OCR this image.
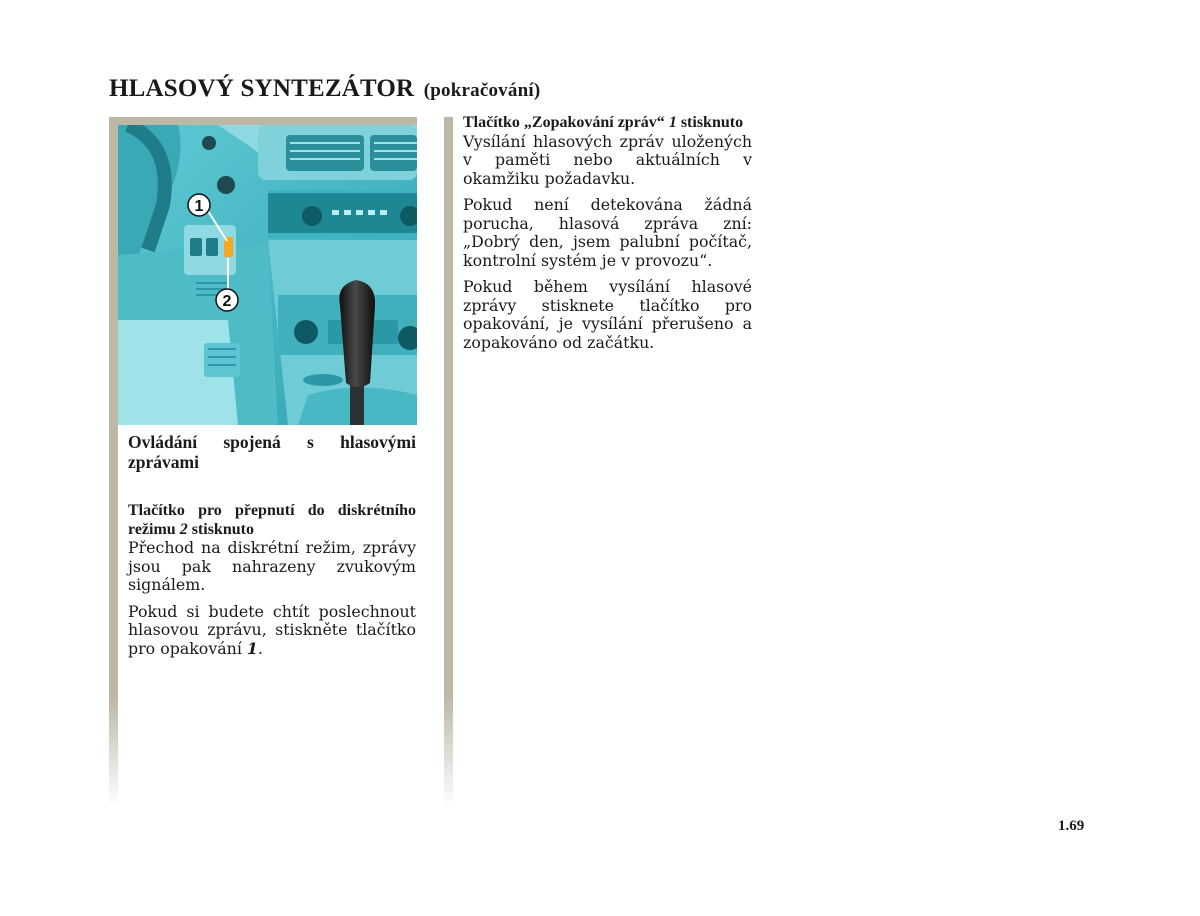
HLASOVÝ SYNTEZÁTOR (pokračování)
1
2
Ovládání spojená s hlasovými zprávami
Tlačítko pro přepnutí do diskrétního režimu 2 stisknuto

Přechod na diskrétní režim, zprávy jsou pak nahrazeny zvukovým signálem.

Pokud si budete chtít poslechnout hlasovou zprávu, stiskněte tlačítko pro opakování 1.

Tlačítko „Zopakování zpráv“ 1 stisknuto

Vysílání hlasových zpráv uložených v paměti nebo aktuálních v okamžiku požadavku.

Pokud není detekována žádná porucha, hlasová zpráva zní: „Dobrý den, jsem palubní počítač, kontrolní systém je v provozu“.

Pokud během vysílání hlasové zprávy stisknete tlačítko pro opakování, je vysílání přerušeno a zopakováno od začátku.

1.69
